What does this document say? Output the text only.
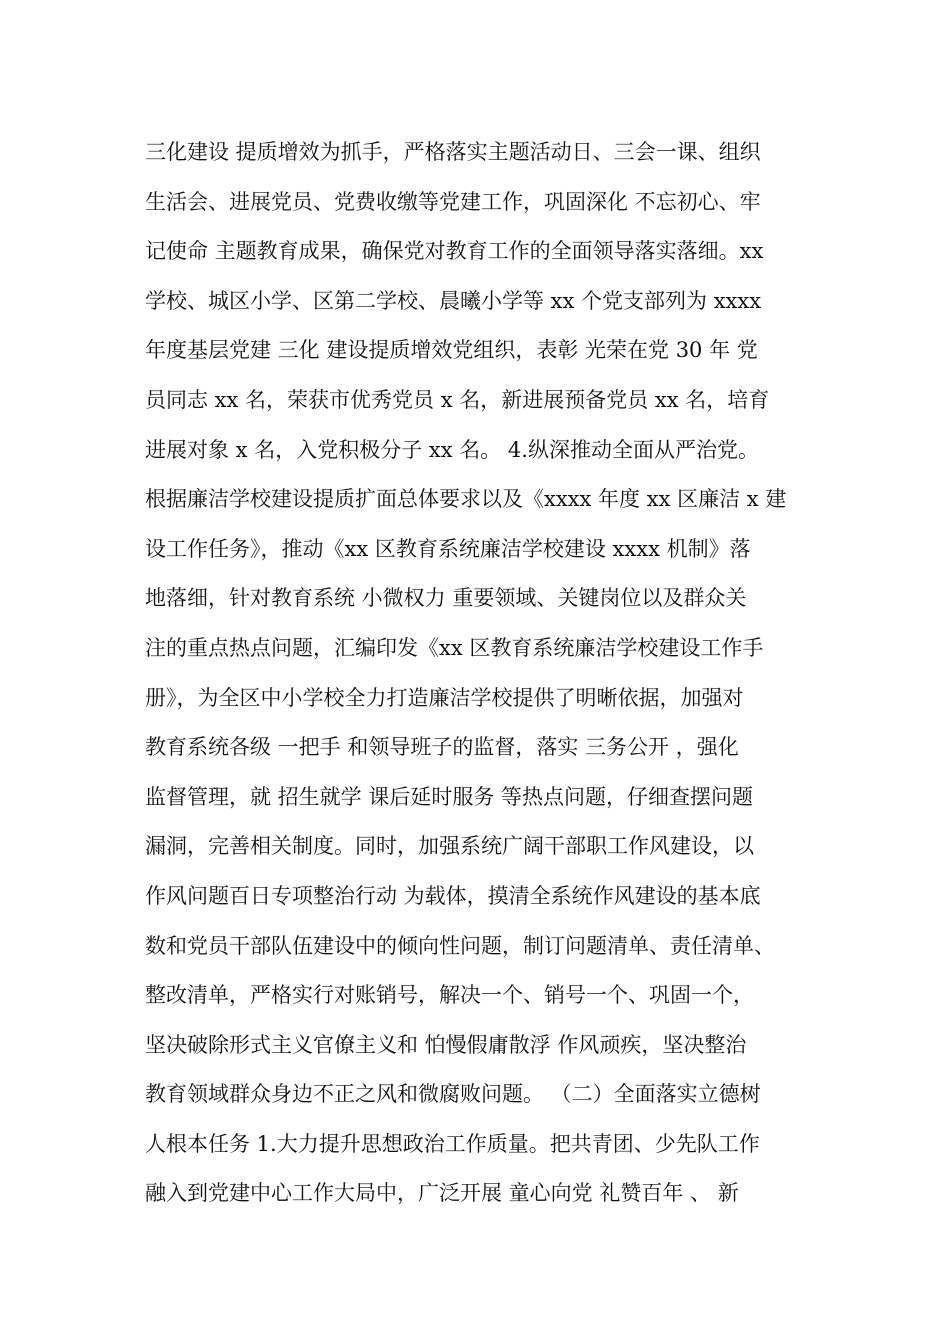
三化建设 提质增效为抓手，严格落实主题活动日、三会一课、组织
生活会、进展党员、党费收缴等党建工作，巩固深化 不忘初心、牢
记使命 主题教育成果，确保党对教育工作的全面领导落实落细。xx
学校、城区小学、区第二学校、晨曦小学等 xx 个党支部列为 xxxx
年度基层党建 三化 建设提质增效党组织，表彰 光荣在党 30 年 党
员同志 xx 名，荣获市优秀党员 x 名，新进展预备党员 xx 名，培育
进展对象 x 名，入党积极分子 xx 名。 4.纵深推动全面从严治党。
根据廉洁学校建设提质扩面总体要求以及《xxxx 年度 xx 区廉洁 x 建
设工作任务》，推动《xx 区教育系统廉洁学校建设 xxxx 机制》落
地落细，针对教育系统 小微权力 重要领域、关键岗位以及群众关
注的重点热点问题，汇编印发《xx 区教育系统廉洁学校建设工作手
册》，为全区中小学校全力打造廉洁学校提供了明晰依据，加强对
教育系统各级 一把手 和领导班子的监督，落实 三务公开 ，强化
监督管理，就 招生就学 课后延时服务 等热点问题，仔细查摆问题
漏洞，完善相关制度。同时，加强系统广阔干部职工作风建设，以
作风问题百日专项整治行动 为载体，摸清全系统作风建设的基本底
数和党员干部队伍建设中的倾向性问题，制订问题清单、责任清单、
整改清单，严格实行对账销号，解决一个、销号一个、巩固一个，
坚决破除形式主义官僚主义和 怕慢假庸散浮 作风顽疾，坚决整治
教育领域群众身边不正之风和微腐败问题。 （二）全面落实立德树
人根本任务 1.大力提升思想政治工作质量。把共青团、少先队工作
融入到党建中心工作大局中，广泛开展 童心向党 礼赞百年 、 新
